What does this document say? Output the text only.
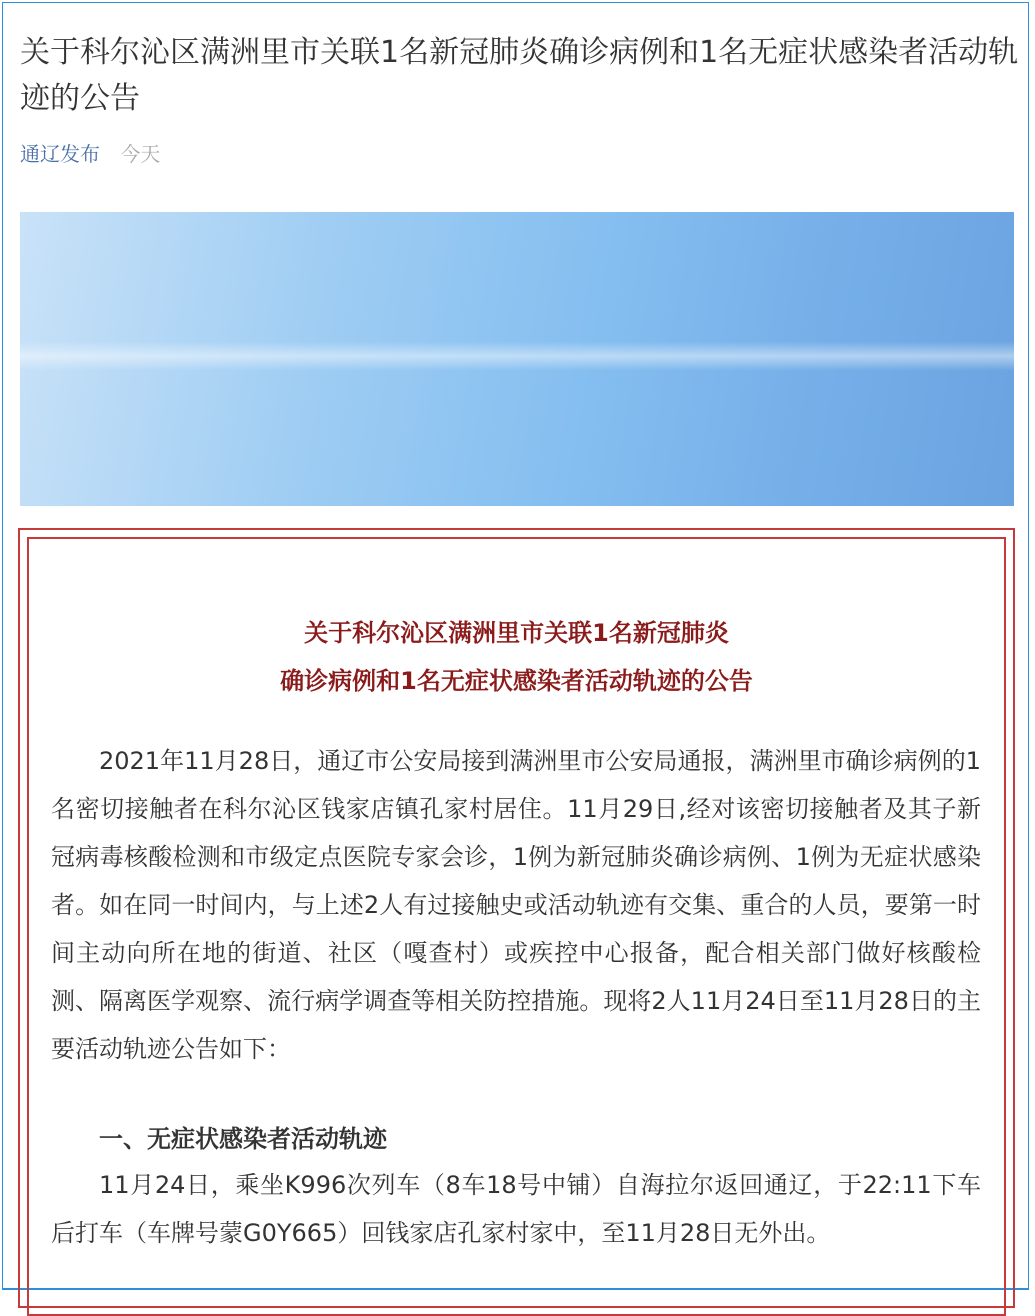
关于科尔沁区满洲里市关联1名新冠肺炎确诊病例和1名无症状感染者活动轨迹的公告
通辽发布 今天
关于科尔沁区满洲里市关联1名新冠肺炎
确诊病例和1名无症状感染者活动轨迹的公告

2021年11月28日，通辽市公安局接到满洲里市公安局通报，满洲里市确诊病例的1名密切接触者在科尔沁区钱家店镇孔家村居住。11月29日,经对该密切接触者及其子新冠病毒核酸检测和市级定点医院专家会诊，1例为新冠肺炎确诊病例、1例为无症状感染者。如在同一时间内，与上述2人有过接触史或活动轨迹有交集、重合的人员，要第一时间主动向所在地的街道、社区（嘎查村）或疾控中心报备，配合相关部门做好核酸检测、隔离医学观察、流行病学调查等相关防控措施。现将2人11月24日至11月28日的主要活动轨迹公告如下：

一、无症状感染者活动轨迹

11月24日，乘坐K996次列车（8车18号中铺）自海拉尔返回通辽，于22:11下车后打车（车牌号蒙G0Y665）回钱家店孔家村家中，至11月28日无外出。
